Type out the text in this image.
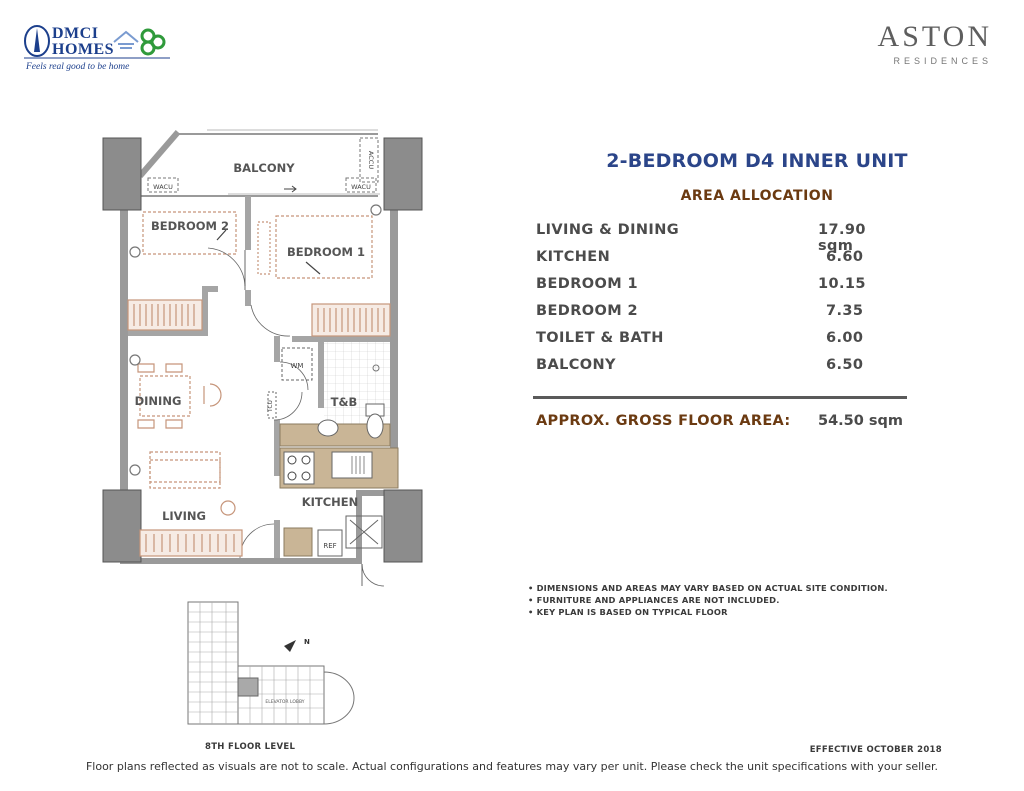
DMCI HOMES
Feels real good to be home
ASTON
RESIDENCES
BALCONY
BEDROOM 2
BEDROOM 1
DINING
LIVING
T&B
KITCHEN
WACU	WACU
ACCU
WM
REF
TCU
ELEVATOR LOBBY
N
8TH FLOOR LEVEL
2-BEDROOM D4 INNER UNIT
AREA ALLOCATION
LIVING & DINING	17.90 sqm
KITCHEN	6.60
BEDROOM 1	10.15
BEDROOM 2	7.35
TOILET & BATH	6.00
BALCONY	6.50
APPROX. GROSS FLOOR AREA: 54.50 sqm
• DIMENSIONS AND AREAS MAY VARY BASED ON ACTUAL SITE CONDITION.
• FURNITURE AND APPLIANCES ARE NOT INCLUDED.
• KEY PLAN IS BASED ON TYPICAL FLOOR
EFFECTIVE OCTOBER 2018
Floor plans reflected as visuals are not to scale. Actual configurations and features may vary per unit. Please check the unit specifications with your seller.
